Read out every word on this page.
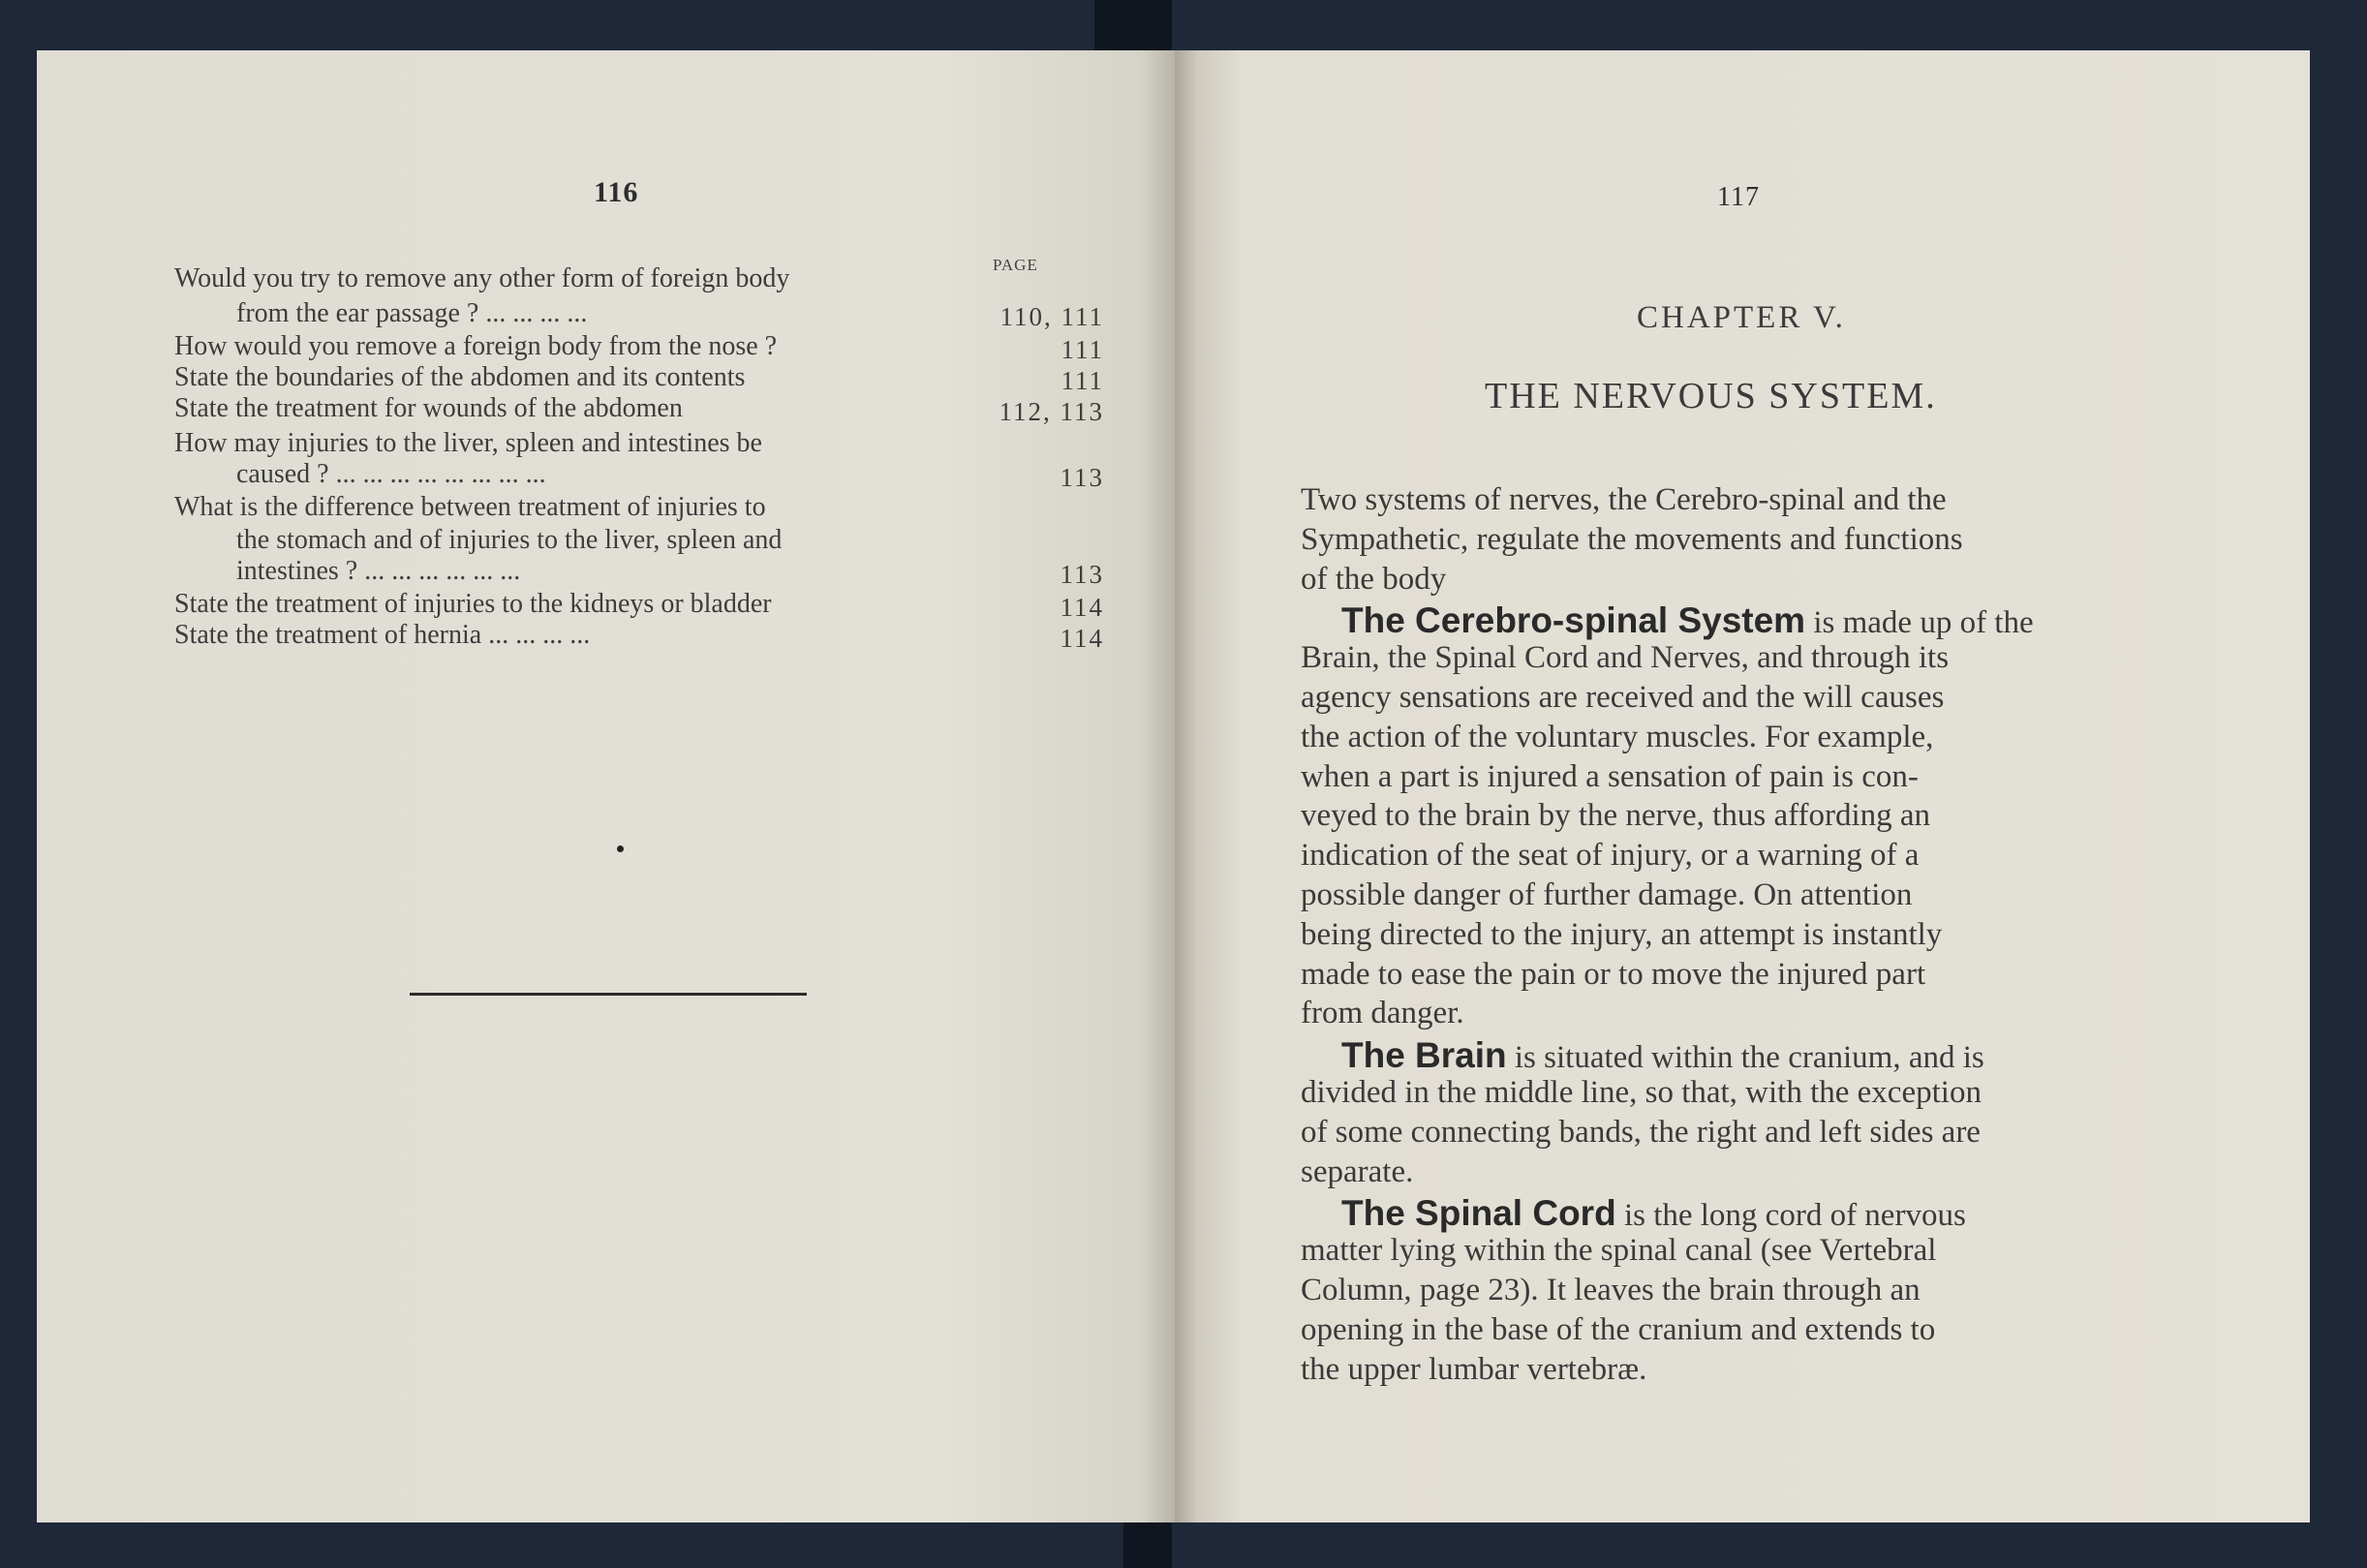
116
PAGE
Would you try to remove any other form of foreign body
from the ear passage ? ... ... ... ...	110, 111
How would you remove a foreign body from the nose ?	111
State the boundaries of the abdomen and its contents	111
State the treatment for wounds of the abdomen	112, 113
How may injuries to the liver, spleen and intestines be
caused ? ... ... ... ... ... ... ... ...	113
What is the difference between treatment of injuries to
the stomach and of injuries to the liver, spleen and
intestines ? ... ... ... ... ... ...	113
State the treatment of injuries to the kidneys or bladder	114
State the treatment of hernia ... ... ... ...	114
117
CHAPTER V.
THE NERVOUS SYSTEM.
Two systems of nerves, the Cerebro-spinal and the
Sympathetic, regulate the movements and functions
of the body
The Cerebro-spinal System is made up of the
Brain, the Spinal Cord and Nerves, and through its
agency sensations are received and the will causes
the action of the voluntary muscles. For example,
when a part is injured a sensation of pain is con-
veyed to the brain by the nerve, thus affording an
indication of the seat of injury, or a warning of a
possible danger of further damage. On attention
being directed to the injury, an attempt is instantly
made to ease the pain or to move the injured part
from danger.
The Brain is situated within the cranium, and is
divided in the middle line, so that, with the exception
of some connecting bands, the right and left sides are
separate.
The Spinal Cord is the long cord of nervous
matter lying within the spinal canal (see Vertebral
Column, page 23). It leaves the brain through an
opening in the base of the cranium and extends to
the upper lumbar vertebræ.
